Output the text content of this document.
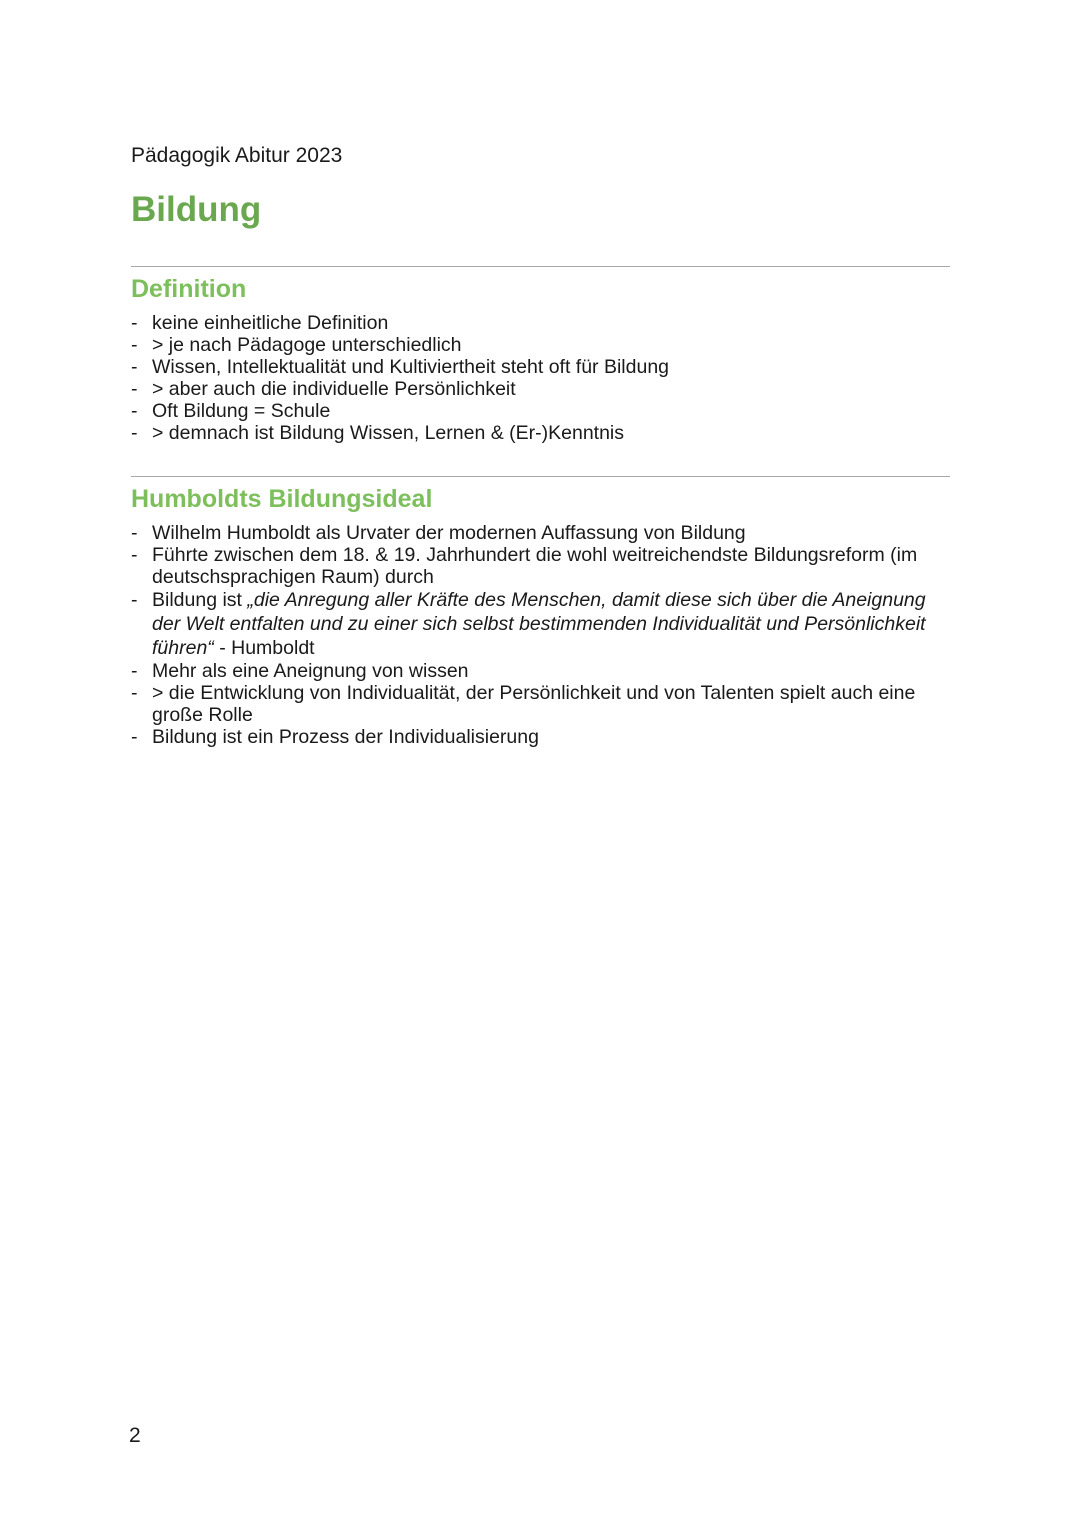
Pädagogik Abitur 2023
Bildung
Definition
- keine einheitliche Definition
- > je nach Pädagoge unterschiedlich
- Wissen, Intellektualität und Kultiviertheit steht oft für Bildung
- > aber auch die individuelle Persönlichkeit
- Oft Bildung = Schule
- > demnach ist Bildung Wissen, Lernen & (Er-)Kenntnis
Humboldts Bildungsideal
- Wilhelm Humboldt als Urvater der modernen Auffassung von Bildung
- Führte zwischen dem 18. & 19. Jahrhundert die wohl weitreichendste Bildungsreform (im deutschsprachigen Raum) durch
- Bildung ist „die Anregung aller Kräfte des Menschen, damit diese sich über die Aneignung der Welt entfalten und zu einer sich selbst bestimmenden Individualität und Persönlichkeit führen“ - Humboldt
- Mehr als eine Aneignung von wissen
- > die Entwicklung von Individualität, der Persönlichkeit und von Talenten spielt auch eine große Rolle
- Bildung ist ein Prozess der Individualisierung
2
